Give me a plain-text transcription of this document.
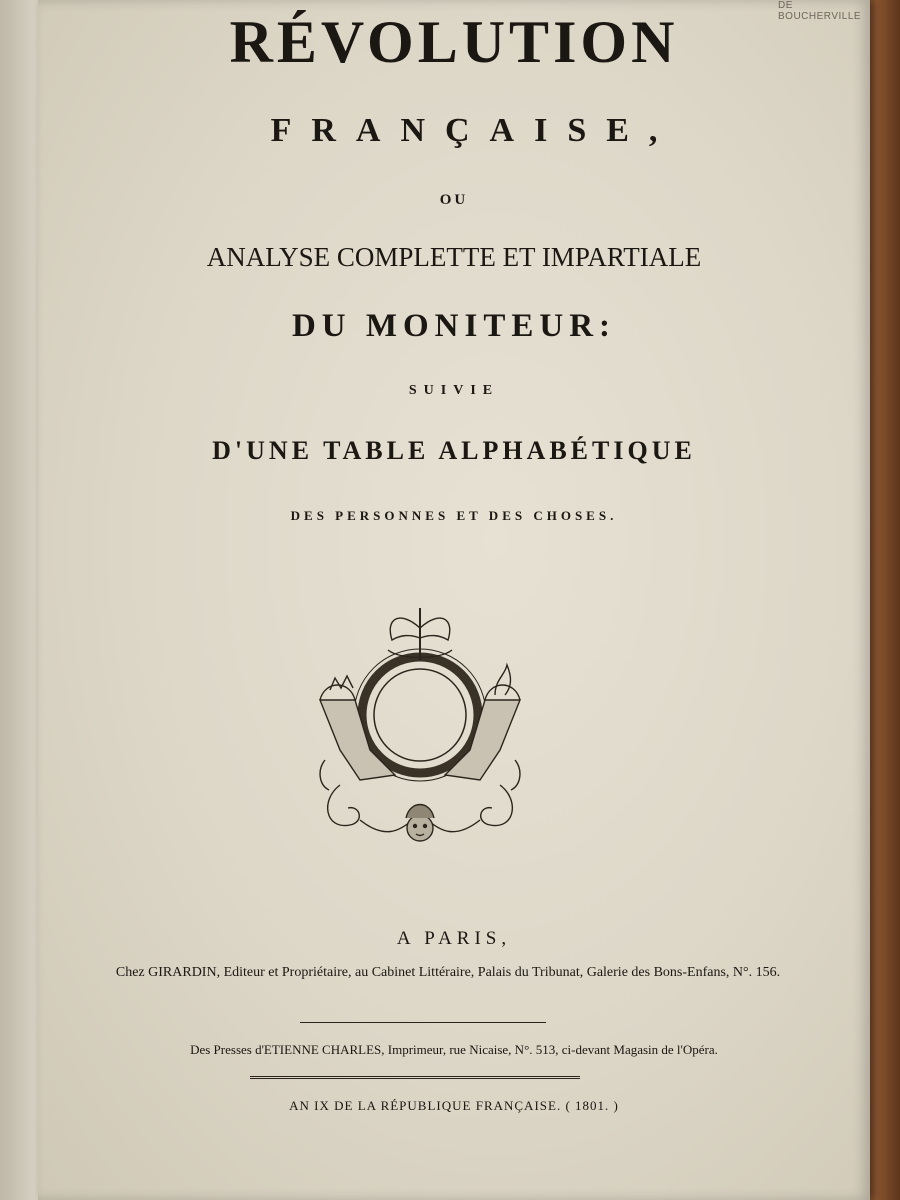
DE BOUCHERVILLE
RÉVOLUTION
FRANÇAISE,
OU
ANALYSE COMPLETTE ET IMPARTIALE
DU MONITEUR:
SUIVIE
D'UNE TABLE ALPHABÉTIQUE
DES PERSONNES ET DES CHOSES.
A PARIS,
Chez GIRARDIN, Editeur et Propriétaire, au Cabinet Littéraire, Palais du Tribunat, Galerie des Bons-Enfans, N°. 156.
Des Presses d'ETIENNE CHARLES, Imprimeur, rue Nicaise, N°. 513, ci-devant Magasin de l'Opéra.
AN IX DE LA RÉPUBLIQUE FRANÇAISE. ( 1801. )
